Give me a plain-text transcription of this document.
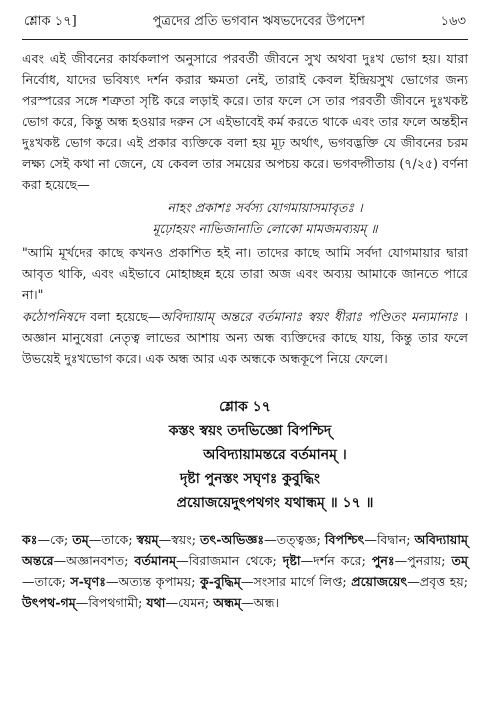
শ্লোক ১৭]	পুত্রদের প্রতি ভগবান ঋষভদেবের উপদেশ	১৬৩

এবং এই জীবনের কার্যকলাপ অনুসারে পরবর্তী জীবনে সুখ অথবা দুঃখ ভোগ হয়। যারা নির্বোধ, যাদের ভবিষ্যৎ দর্শন করার ক্ষমতা নেই, তারাই কেবল ইন্দ্রিয়সুখ ভোগের জন্য পরস্পরের সঙ্গে শত্রুতা সৃষ্টি করে লড়াই করে। তার ফলে সে তার পরবর্তী জীবনে দুঃখকষ্ট ভোগ করে, কিন্তু অন্ধ হওয়ার দরুন সে এইভাবেই কর্ম করতে থাকে এবং তার ফলে অন্তহীন দুঃখকষ্ট ভোগ করে। এই প্রকার ব্যক্তিকে বলা হয় মূঢ় অর্থাৎ, ভগবদ্ভক্তি যে জীবনের চরম লক্ষ্য সেই কথা না জেনে, যে কেবল তার সময়ের অপচয় করে। ভগবদ্গীতায় (৭/২৫) বর্ণনা করা হয়েছে—

নাহং প্রকাশঃ সর্বস্য যোগমায়াসমাবৃতঃ ।
মূঢ়োহয়ং নাভিজানাতি লোকো মামজমব্যয়ম্ ॥

"আমি মূর্খদের কাছে কখনও প্রকাশিত হই না। তাদের কাছে আমি সর্বদা যোগমায়ার দ্বারা আবৃত থাকি, এবং এইভাবে মোহাচ্ছন্ন হয়ে তারা অজ এবং অব্যয় আমাকে জানতে পারে না।"

কঠোপনিষদে বলা হয়েছে—অবিদ্যায়াম্ অন্তরে বর্তমানাঃ স্বয়ং ধীরাঃ পণ্ডিতং মন্যমানাঃ । অজ্ঞান মানুষেরা নেতৃত্ব লাভের আশায় অন্য অন্ধ ব্যক্তিদের কাছে যায়, কিন্তু তার ফলে উভয়েই দুঃখভোগ করে। এক অন্ধ আর এক অন্ধকে অন্ধকূপে নিয়ে ফেলে।

শ্লোক ১৭
কস্তং স্বয়ং তদভিজ্ঞো বিপশ্চিদ্
অবিদ্যায়ামন্তরে বর্তমানম্ ।
দৃষ্টা পুনস্তং সঘৃণঃ কুবুদ্ধিং
প্রয়োজয়েদুৎপথগং যথান্ধম্ ॥ ১৭ ॥
কঃ—কে; তম্—তাকে; স্বয়ম্—স্বয়ং; তৎ-অভিজ্ঞঃ—তত্ত্বজ্ঞ; বিপশ্চিৎ—বিদ্বান; অবিদ্যায়াম্ অন্তরে—অজ্ঞানবশত; বর্তমানম্—বিরাজমান থেকে; দৃষ্টা—দর্শন করে; পুনঃ—পুনরায়; তম্—তাকে; স-ঘৃণঃ—অত্যন্ত কৃপাময়; কু-বুদ্ধিম্—সংসার মার্গে লিপ্ত; প্রয়োজয়েৎ—প্রবৃত্ত হয়; উৎপথ-গম্—বিপথগামী; যথা—যেমন; অন্ধম্—অন্ধ।
